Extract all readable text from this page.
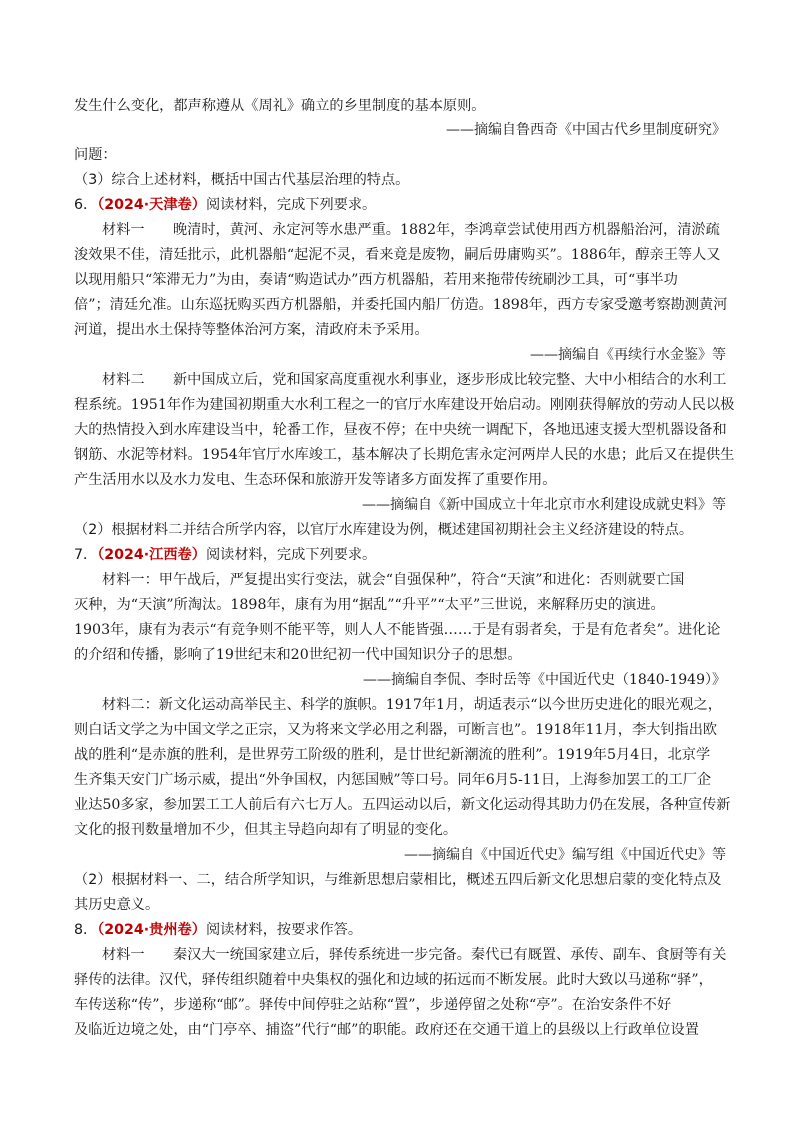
发生什么变化，都声称遵从《周礼》确立的乡里制度的基本原则。
——摘编自鲁西奇《中国古代乡里制度研究》
问题：
（3）综合上述材料，概括中国古代基层治理的特点。
6．（2024·天津卷）阅读材料，完成下列要求。
材料一　　晚清时，黄河、永定河等水患严重。1882年，李鸿章尝试使用西方机器船治河，清淤疏
浚效果不佳，清廷批示，此机器船“起泥不灵，看来竟是废物，嗣后毋庸购买”。1886年，醇亲王等人又
以现用船只“笨滞无力”为由，奏请“购造试办”西方机器船，若用来拖带传统刷沙工具，可“事半功
倍”；清廷允准。山东巡抚购买西方机器船，并委托国内船厂仿造。1898年，西方专家受邀考察勘测黄河
河道，提出水土保持等整体治河方案，清政府未予采用。
——摘编自《再续行水金鉴》等
材料二　　新中国成立后，党和国家高度重视水利事业，逐步形成比较完整、大中小相结合的水利工
程系统。1951年作为建国初期重大水利工程之一的官厅水库建设开始启动。刚刚获得解放的劳动人民以极
大的热情投入到水库建设当中，轮番工作，昼夜不停；在中央统一调配下，各地迅速支援大型机器设备和
钢筋、水泥等材料。1954年官厅水库竣工，基本解决了长期危害永定河两岸人民的水患；此后又在提供生
产生活用水以及水力发电、生态环保和旅游开发等诸多方面发挥了重要作用。
——摘编自《新中国成立十年北京市水利建设成就史料》等
（2）根据材料二并结合所学内容，以官厅水库建设为例，概述建国初期社会主义经济建设的特点。
7．（2024·江西卷）阅读材料，完成下列要求。
材料一：甲午战后，严复提出实行变法，就会“自强保种”，符合“天演”和进化：否则就要亡国
灭种，为“天演”所淘汰。1898年，康有为用“据乱”“升平”“太平”三世说，来解释历史的演进。
1903年，康有为表示“有竞争则不能平等，则人人不能皆强……于是有弱者矣，于是有危者矣”。进化论
的介绍和传播，影响了19世纪末和20世纪初一代中国知识分子的思想。
——摘编自李侃、李时岳等《中国近代史（1840-1949）》
材料二：新文化运动高举民主、科学的旗帜。1917年1月，胡适表示“以今世历史进化的眼光观之，
则白话文学之为中国文学之正宗，又为将来文学必用之利器，可断言也”。1918年11月，李大钊指出欧
战的胜利“是赤旗的胜利，是世界劳工阶级的胜利，是廿世纪新潮流的胜利”。1919年5月4日，北京学
生齐集天安门广场示威，提出“外争国权，内惩国贼”等口号。同年6月5-11日，上海参加罢工的工厂企
业达50多家，参加罢工工人前后有六七万人。五四运动以后，新文化运动得其助力仍在发展，各种宣传新
文化的报刊数量增加不少，但其主导趋向却有了明显的变化。
——摘编自《中国近代史》编写组《中国近代史》等
（2）根据材料一、二，结合所学知识，与维新思想启蒙相比，概述五四后新文化思想启蒙的变化特点及
其历史意义。
8．（2024·贵州卷）阅读材料，按要求作答。
材料一　　秦汉大一统国家建立后，驿传系统进一步完备。秦代已有厩置、承传、副车、食厨等有关
驿传的法律。汉代，驿传组织随着中央集权的强化和边域的拓远而不断发展。此时大致以马递称“驿”，
车传送称“传”，步递称“邮”。驿传中间停驻之站称“置”，步递停留之处称“亭”。在治安条件不好
及临近边境之处，由“门亭卒、捕盗”代行“邮”的职能。政府还在交通干道上的县级以上行政单位设置
